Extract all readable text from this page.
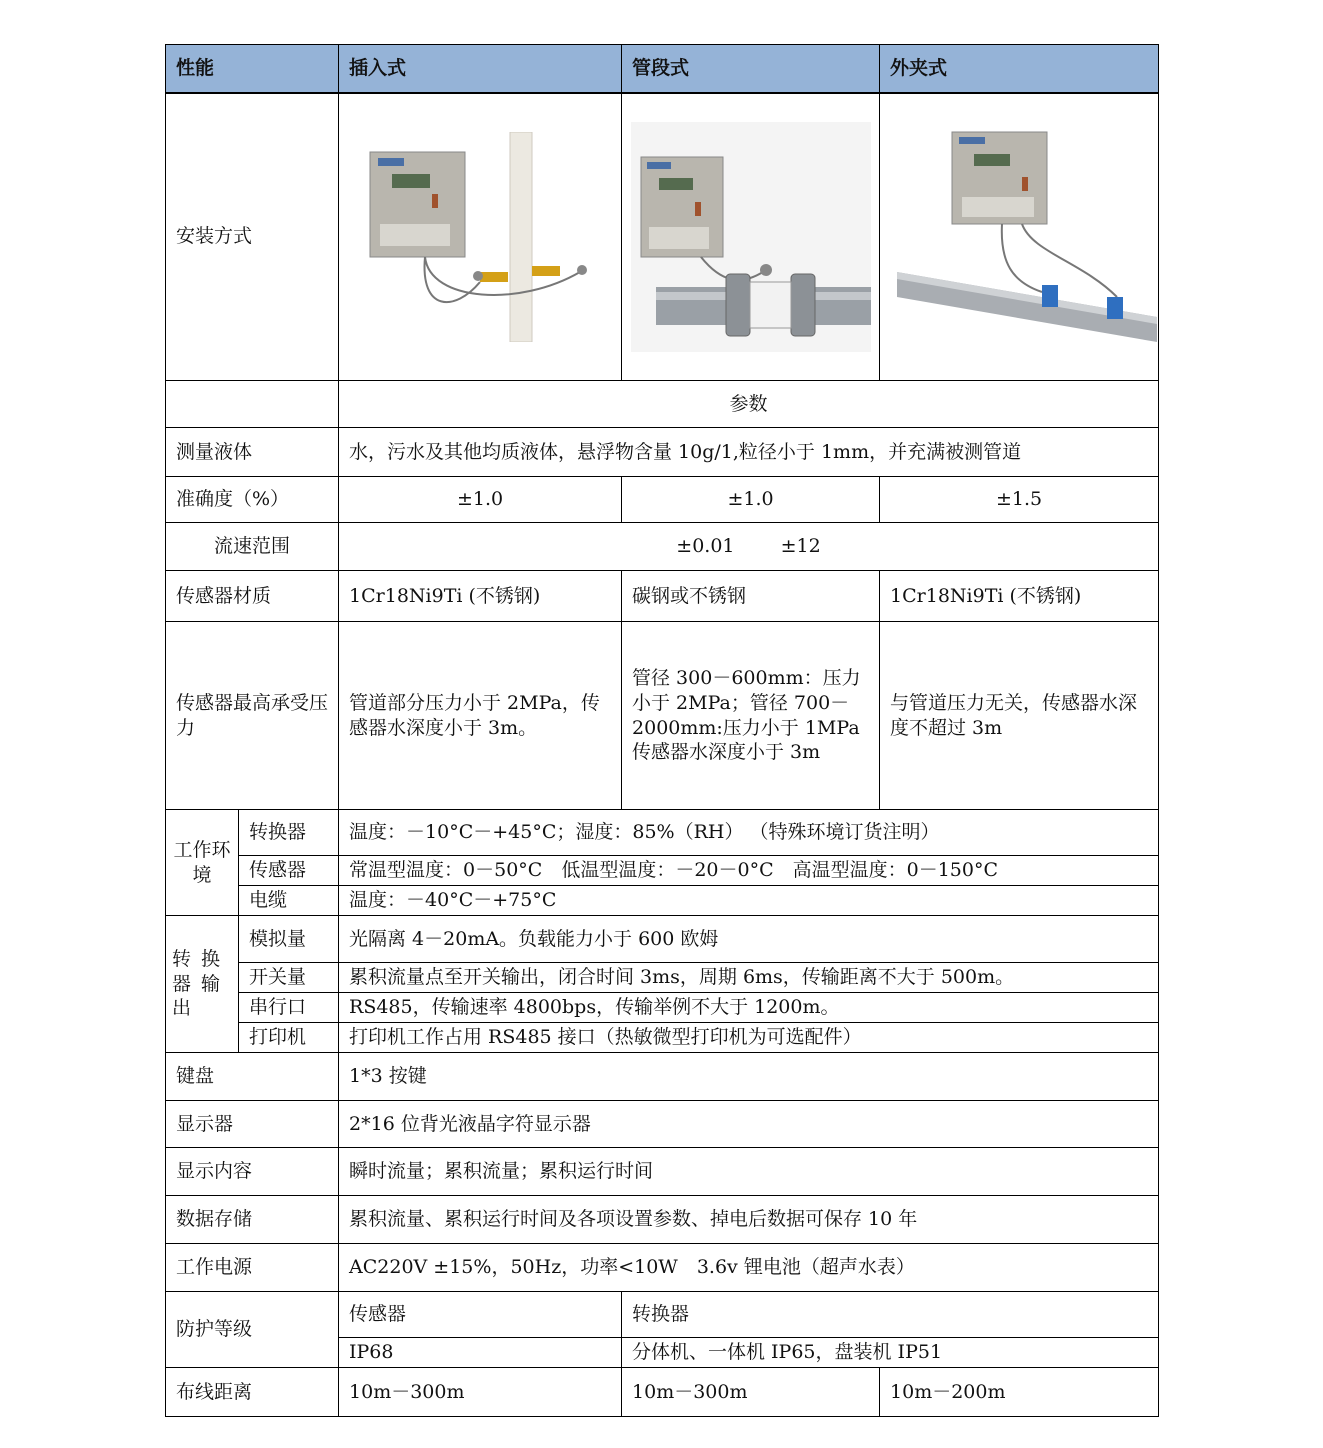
性能		插入式	管段式	外夹式
安装方式	

		参数		
测量液体		水，污水及其他均质液体，悬浮物含量 10g/1,粒径小于 1mm，并充满被测管道		
准确度（%）		±1.0	±1.0	±1.5
流速范围		±0.01 ±12		
传感器材质		1Cr18Ni9Ti (不锈钢)	碳钢或不锈钢	1Cr18Ni9Ti (不锈钢)
传感器最高承受压力		管道部分压力小于 2MPa，传感器水深度小于 3m。	管径 300－600mm：压力小于 2MPa；管径 700－2000mm:压力小于 1MPa 传感器水深度小于 3m	与管道压力无关，传感器水深度不超过 3m
工作环境	转换器	温度：－10°C－+45°C；湿度：85%（RH） （特殊环境订货注明）		
	传感器	常温型温度：0－50°C　低温型温度：－20－0°C　高温型温度：0－150°C		
	电缆	温度：－40°C－+75°C		
转换器输出	模拟量	光隔离 4－20mA。负载能力小于 600 欧姆		
	开关量	累积流量点至开关输出，闭合时间 3ms，周期 6ms，传输距离不大于 500m。		
	串行口	RS485，传输速率 4800bps，传输举例不大于 1200m。		
	打印机	打印机工作占用 RS485 接口（热敏微型打印机为可选配件）		
键盘		1*3 按键		
显示器		2*16 位背光液晶字符显示器		
显示内容		瞬时流量；累积流量；累积运行时间		
数据存储		累积流量、累积运行时间及各项设置参数、掉电后数据可保存 10 年		
工作电源		AC220V ±15%，50Hz，功率<10W　3.6v 锂电池（超声水表）		
防护等级		传感器	转换器	
		IP68	分体机、一体机 IP65，盘装机 IP51	
布线距离		10m－300m	10m－300m	10m－200m
